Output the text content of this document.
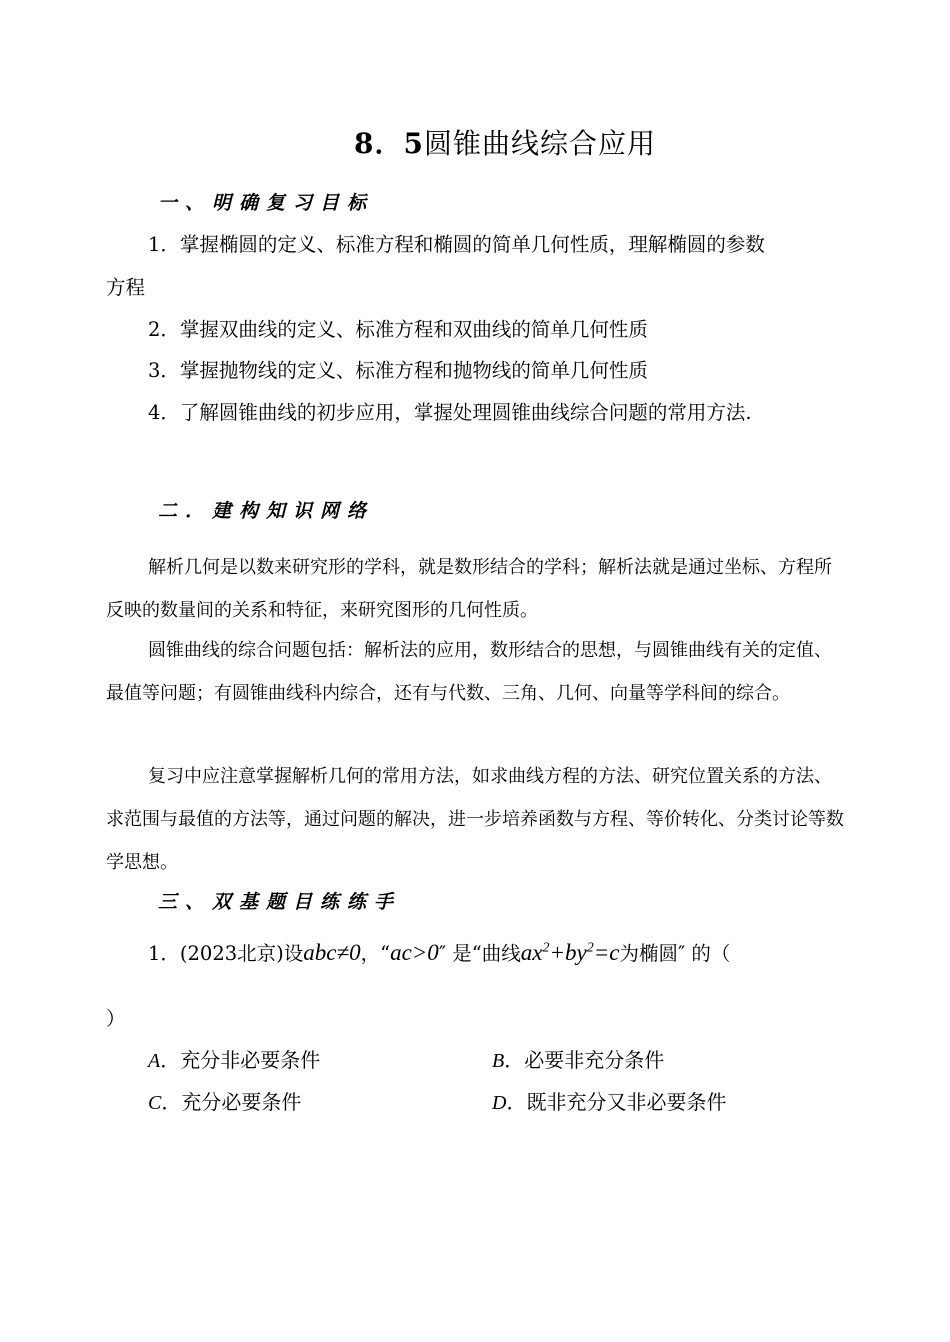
8．5圆锥曲线综合应用
一、明确复习目标
1．掌握椭圆的定义、标准方程和椭圆的简单几何性质，理解椭圆的参数
方程
2．掌握双曲线的定义、标准方程和双曲线的简单几何性质
3．掌握抛物线的定义、标准方程和抛物线的简单几何性质
4．了解圆锥曲线的初步应用，掌握处理圆锥曲线综合问题的常用方法.
二．建构知识网络
解析几何是以数来研究形的学科，就是数形结合的学科；解析法就是通过坐标、方程所反映的数量间的关系和特征，来研究图形的几何性质。
圆锥曲线的综合问题包括：解析法的应用，数形结合的思想，与圆锥曲线有关的定值、最值等问题；有圆锥曲线科内综合，还有与代数、三角、几何、向量等学科间的综合。
复习中应注意掌握解析几何的常用方法，如求曲线方程的方法、研究位置关系的方法、求范围与最值的方法等，通过问题的解决，进一步培养函数与方程、等价转化、分类讨论等数学思想。
三、双基题目练练手
1．(2023北京)设abc≠0，“ac>0″ 是“曲线$ax^2+by^2=c$为椭圆″ 的（
）
A．充分非必要条件	B．必要非充分条件
C．充分必要条件	D．既非充分又非必要条件
